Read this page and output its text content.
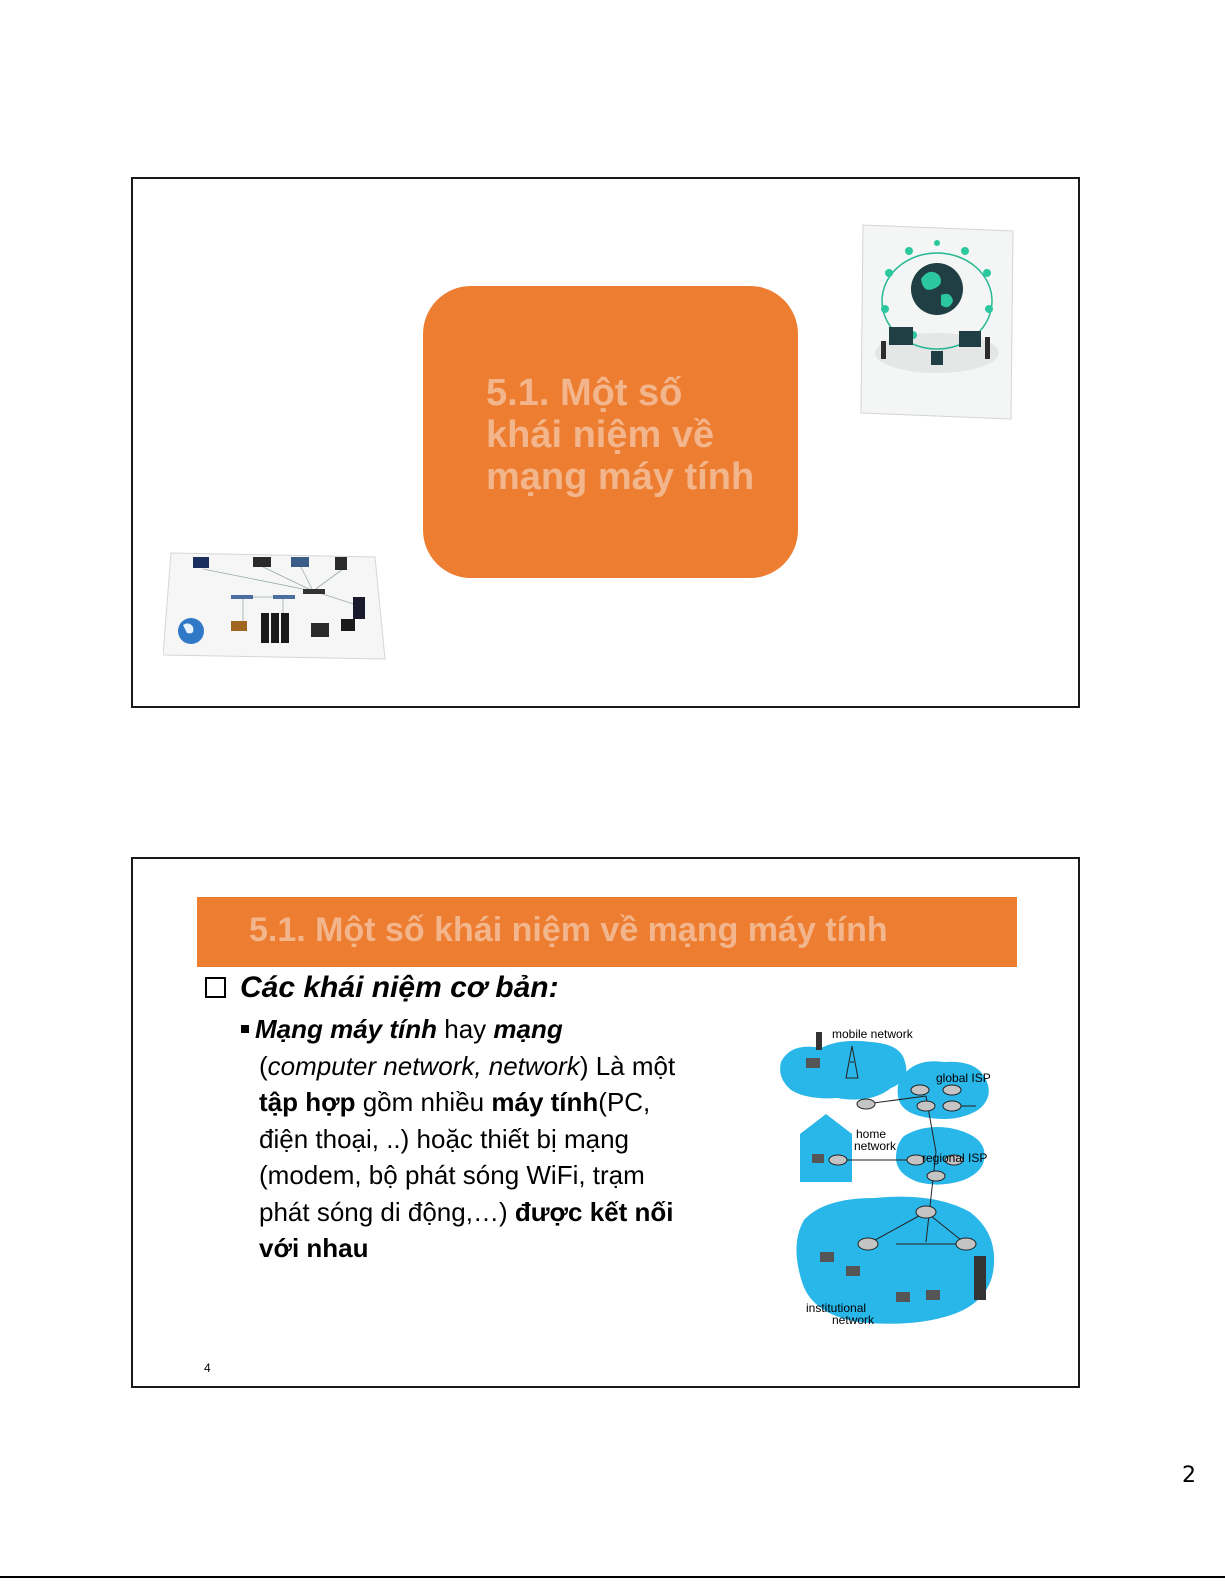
5.1. Một số
khái niệm về
mạng máy tính
5.1. Một số khái niệm về mạng máy tính
Các khái niệm cơ bản:
Mạng máy tính hay mạng
(computer network, network) Là một
tập hợp gồm nhiều máy tính(PC,
điện thoại, ..) hoặc thiết bị mạng
(modem, bộ phát sóng WiFi, trạm
phát sóng di động,…) được kết nối
với nhau
mobile network
global ISP
home
network
regional ISP
institutional
network
4
2
